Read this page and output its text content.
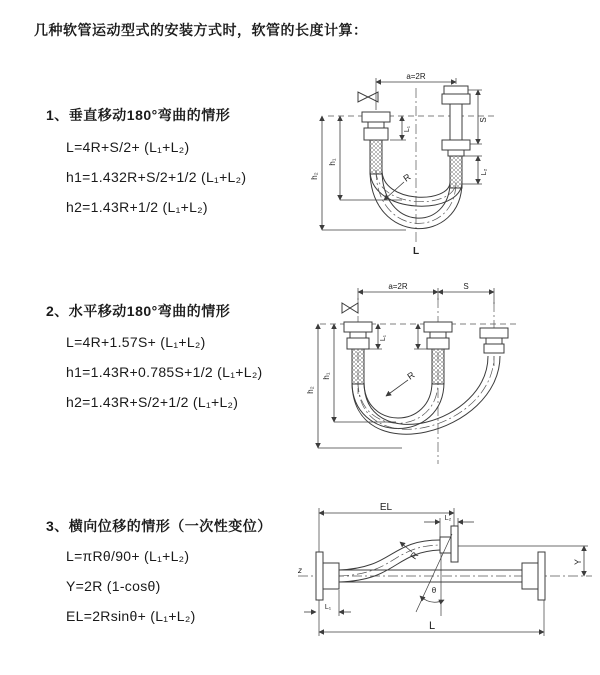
几种软管运动型式的安装方式时，软管的长度计算：
1、垂直移动180°弯曲的情形
L=4R+S/2+ (L₁+L₂)
h1=1.432R+S/2+1/2 (L₁+L₂)
h2=1.43R+1/2 (L₁+L₂)
2、水平移动180°弯曲的情形
L=4R+1.57S+ (L₁+L₂)
h1=1.43R+0.785S+1/2 (L₁+L₂)
h2=1.43R+S/2+1/2 (L₁+L₂)
3、横向位移的情形（一次性变位）
L=πRθ/90+ (L₁+L₂)
Y=2R (1-cosθ)
EL=2Rsinθ+ (L₁+L₂)
a=2R
S
L₂
L₁
h₁
h₂	R
L
a=2R	S
L₁
h₁
h₂
R
z
EL
L₂
Y
L
L₁
R
θ
